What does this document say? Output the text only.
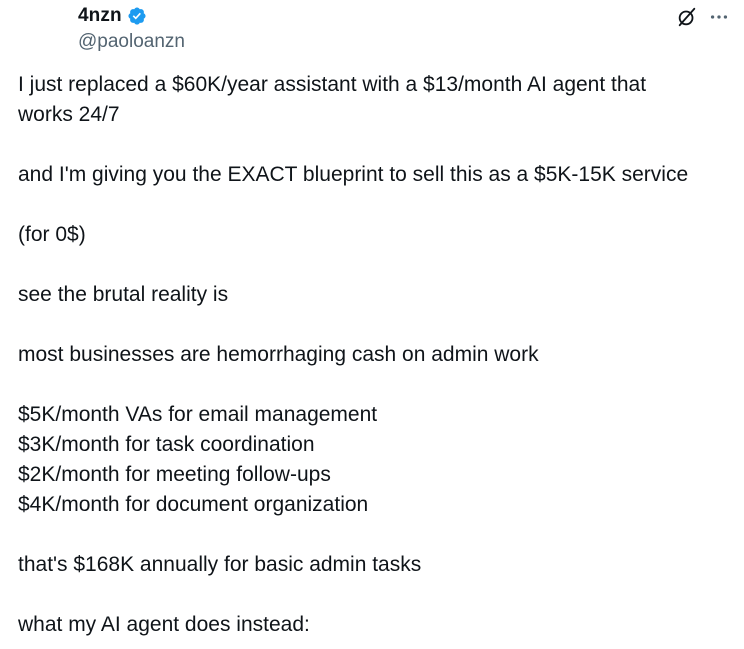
4nzn
@paoloanzn

I just replaced a $60K/year assistant with a $13/month AI agent that

works 24/7

and I'm giving you the EXACT blueprint to sell this as a $5K-15K service

(for 0$)

see the brutal reality is

most businesses are hemorrhaging cash on admin work

$5K/month VAs for email management

$3K/month for task coordination

$2K/month for meeting follow-ups

$4K/month for document organization

that's $168K annually for basic admin tasks

what my AI agent does instead:
